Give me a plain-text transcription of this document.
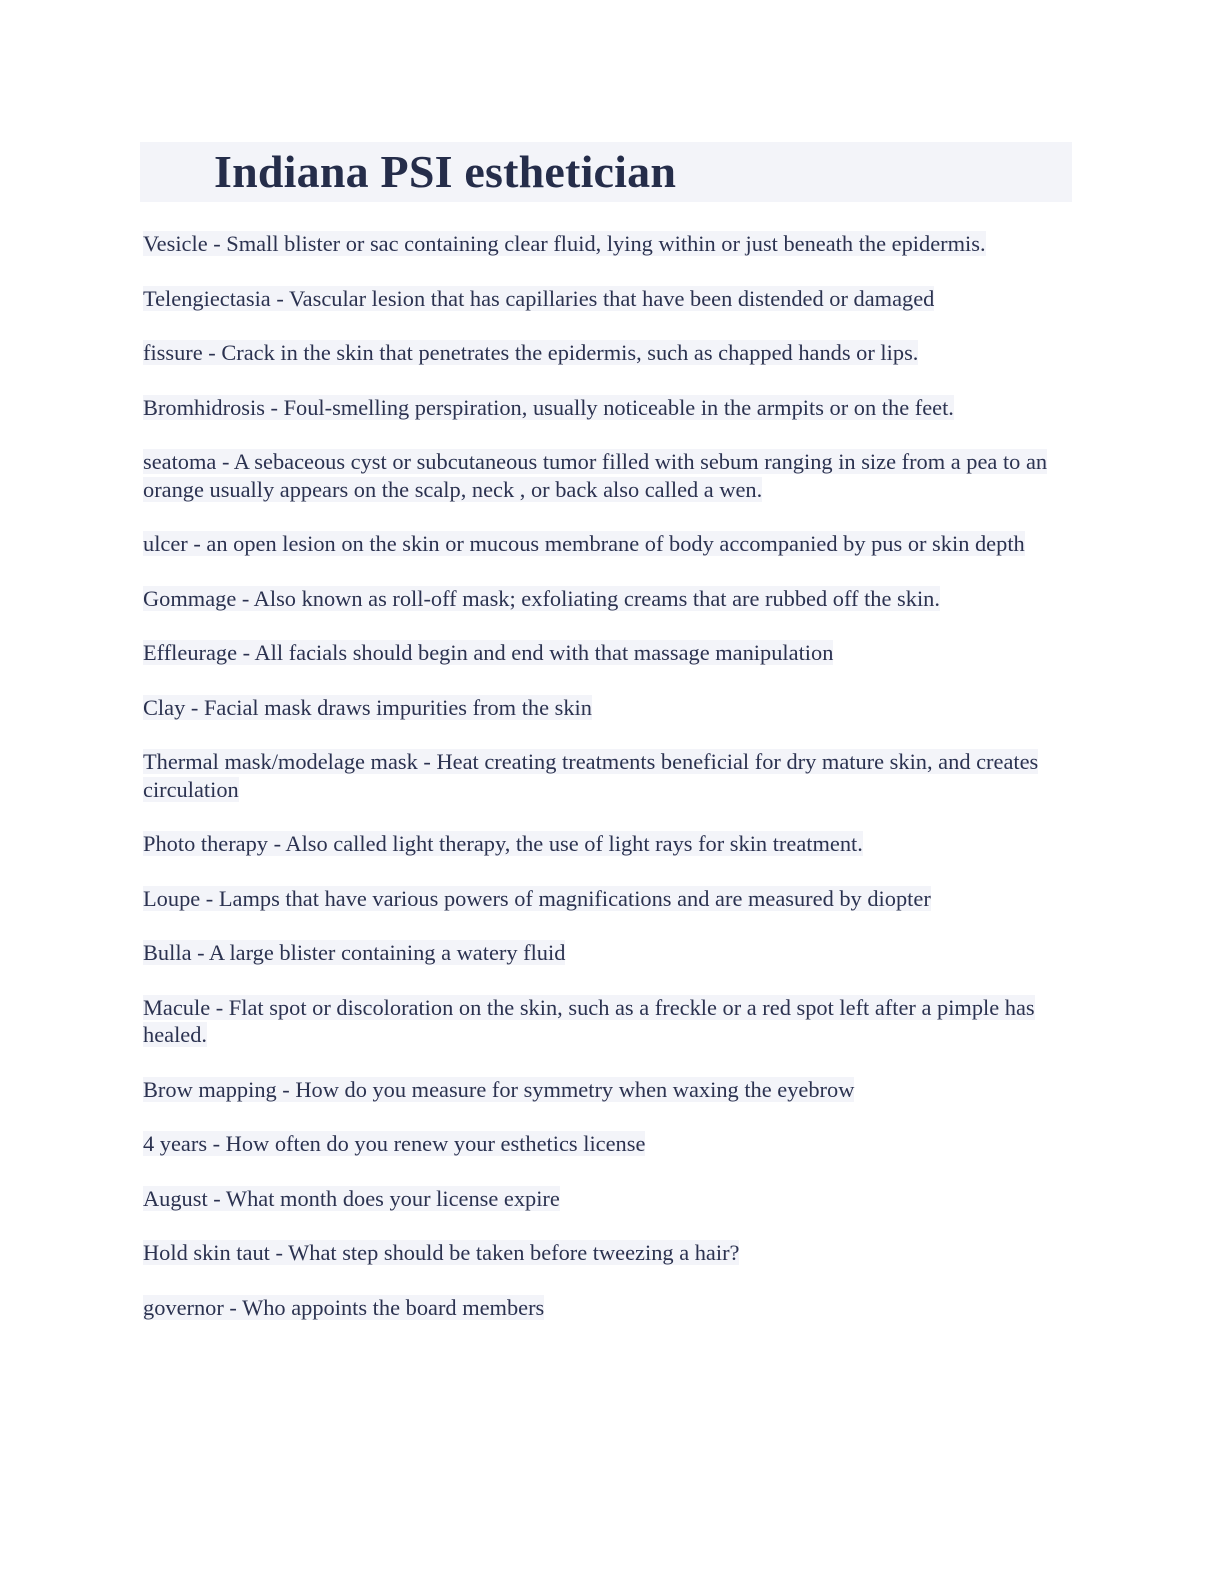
Indiana PSI esthetician

Vesicle - Small blister or sac containing clear fluid, lying within or just beneath the epidermis.

Telengiectasia - Vascular lesion that has capillaries that have been distended or damaged

fissure - Crack in the skin that penetrates the epidermis, such as chapped hands or lips.

Bromhidrosis - Foul-smelling perspiration, usually noticeable in the armpits or on the feet.

seatoma - A sebaceous cyst or subcutaneous tumor filled with sebum ranging in size from a pea to an orange usually appears on the scalp, neck , or back also called a wen.

ulcer - an open lesion on the skin or mucous membrane of body accompanied by pus or skin depth

Gommage - Also known as roll-off mask; exfoliating creams that are rubbed off the skin.

Effleurage - All facials should begin and end with that massage manipulation

Clay - Facial mask draws impurities from the skin

Thermal mask/modelage mask - Heat creating treatments beneficial for dry mature skin, and creates circulation

Photo therapy - Also called light therapy, the use of light rays for skin treatment.

Loupe - Lamps that have various powers of magnifications and are measured by diopter

Bulla - A large blister containing a watery fluid

Macule - Flat spot or discoloration on the skin, such as a freckle or a red spot left after a pimple has healed.

Brow mapping - How do you measure for symmetry when waxing the eyebrow

4 years - How often do you renew your esthetics license

August - What month does your license expire

Hold skin taut - What step should be taken before tweezing a hair?

governor - Who appoints the board members
